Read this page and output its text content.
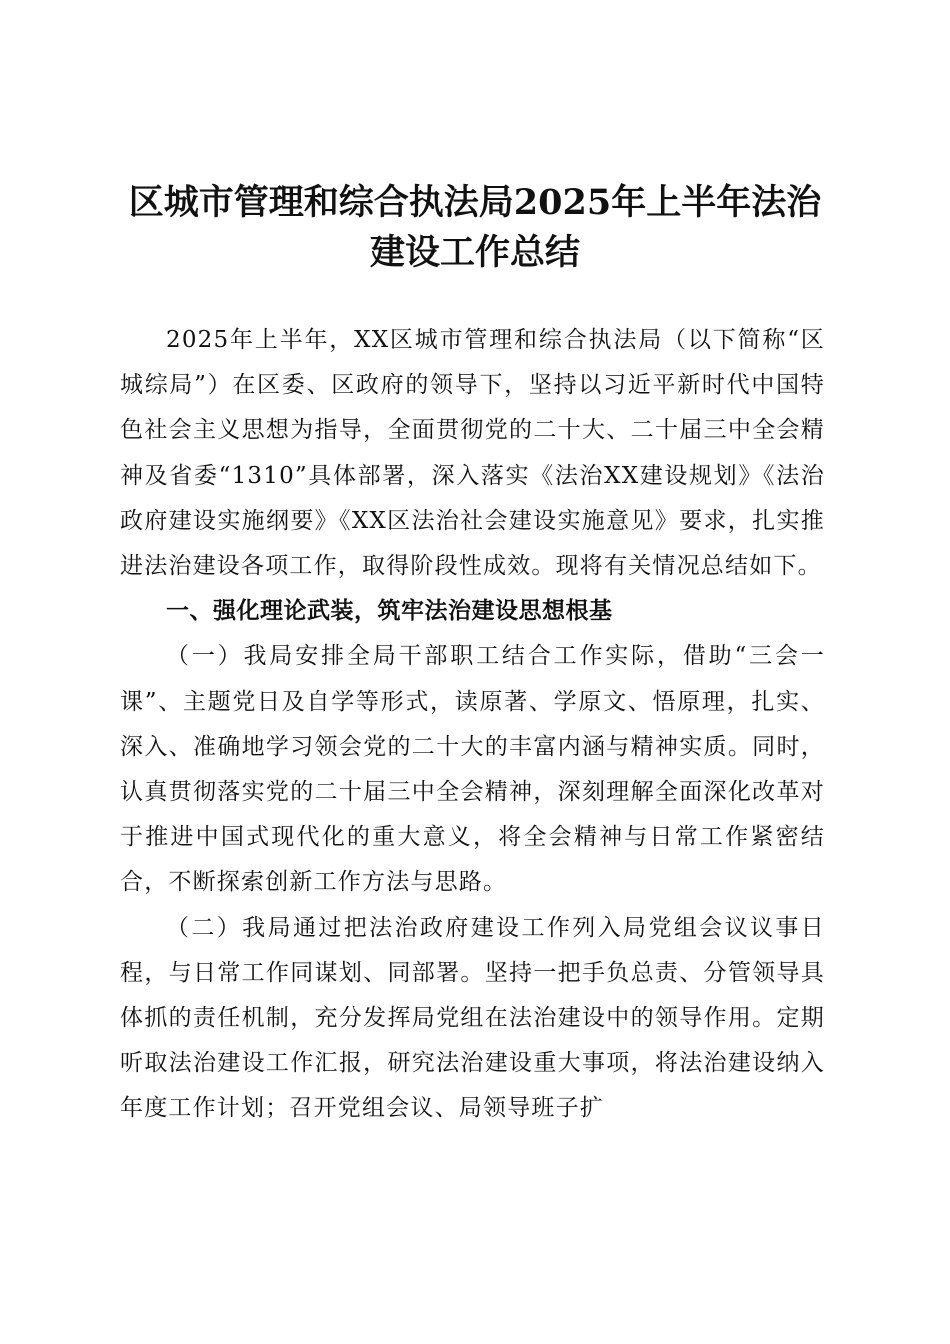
区城市管理和综合执法局2025年上半年法治
建设工作总结

2025年上半年，XX区城市管理和综合执法局（以下简称“区城综局”）在区委、区政府的领导下，坚持以习近平新时代中国特色社会主义思想为指导，全面贯彻党的二十大、二十届三中全会精神及省委“1310”具体部署，深入落实《法治XX建设规划》《法治政府建设实施纲要》《XX区法治社会建设实施意见》要求，扎实推进法治建设各项工作，取得阶段性成效。现将有关情况总结如下。

一、强化理论武装，筑牢法治建设思想根基

（一）我局安排全局干部职工结合工作实际，借助“三会一课”、主题党日及自学等形式，读原著、学原文、悟原理，扎实、深入、准确地学习领会党的二十大的丰富内涵与精神实质。同时，认真贯彻落实党的二十届三中全会精神，深刻理解全面深化改革对于推进中国式现代化的重大意义，将全会精神与日常工作紧密结合，不断探索创新工作方法与思路。

（二）我局通过把法治政府建设工作列入局党组会议议事日程，与日常工作同谋划、同部署。坚持一把手负总责、分管领导具体抓的责任机制，充分发挥局党组在法治建设中的领导作用。定期听取法治建设工作汇报，研究法治建设重大事项，将法治建设纳入年度工作计划；召开党组会议、局领导班子扩
